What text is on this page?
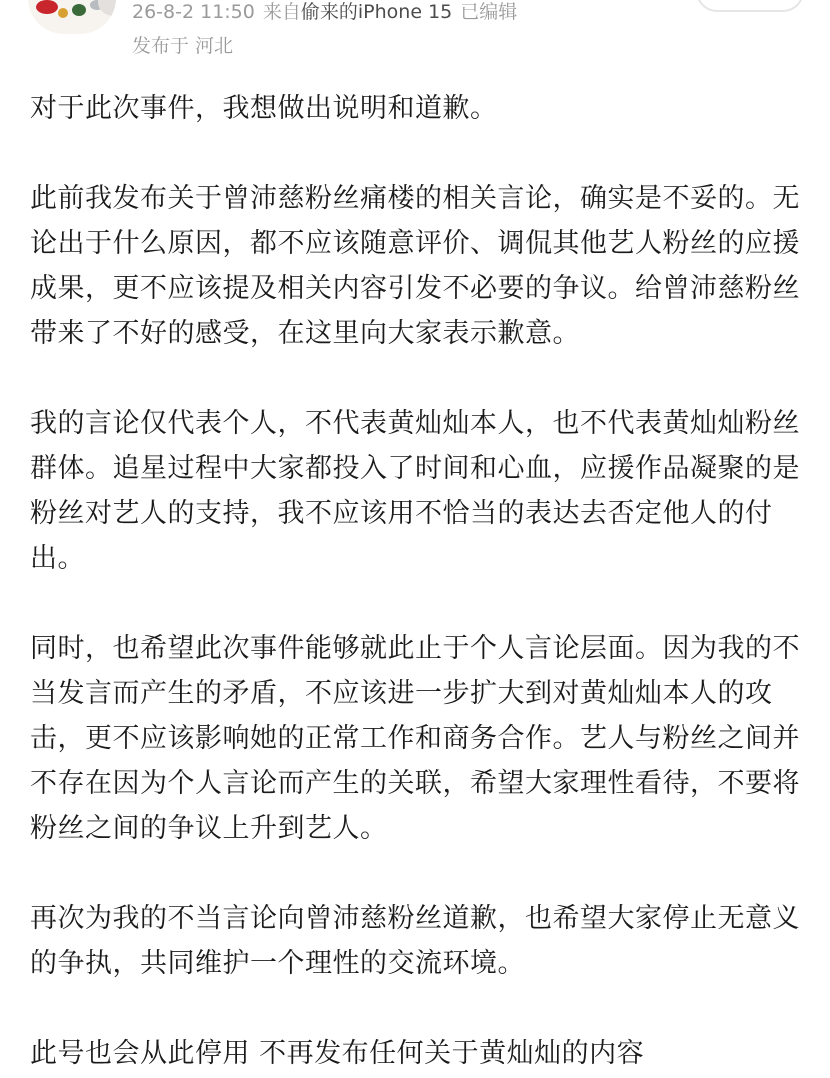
26-8-2 11:50 来自偷来的iPhone 15 已编辑
发布于 河北

对于此次事件，我想做出说明和道歉。

此前我发布关于曾沛慈粉丝痛楼的相关言论，确实是不妥的。无论出于什么原因，都不应该随意评价、调侃其他艺人粉丝的应援成果，更不应该提及相关内容引发不必要的争议。给曾沛慈粉丝带来了不好的感受，在这里向大家表示歉意。

我的言论仅代表个人，不代表黄灿灿本人，也不代表黄灿灿粉丝群体。追星过程中大家都投入了时间和心血，应援作品凝聚的是粉丝对艺人的支持，我不应该用不恰当的表达去否定他人的付出。

同时，也希望此次事件能够就此止于个人言论层面。因为我的不当发言而产生的矛盾，不应该进一步扩大到对黄灿灿本人的攻击，更不应该影响她的正常工作和商务合作。艺人与粉丝之间并不存在因为个人言论而产生的关联，希望大家理性看待，不要将粉丝之间的争议上升到艺人。

再次为我的不当言论向曾沛慈粉丝道歉，也希望大家停止无意义的争执，共同维护一个理性的交流环境。

此号也会从此停用 不再发布任何关于黄灿灿的内容
